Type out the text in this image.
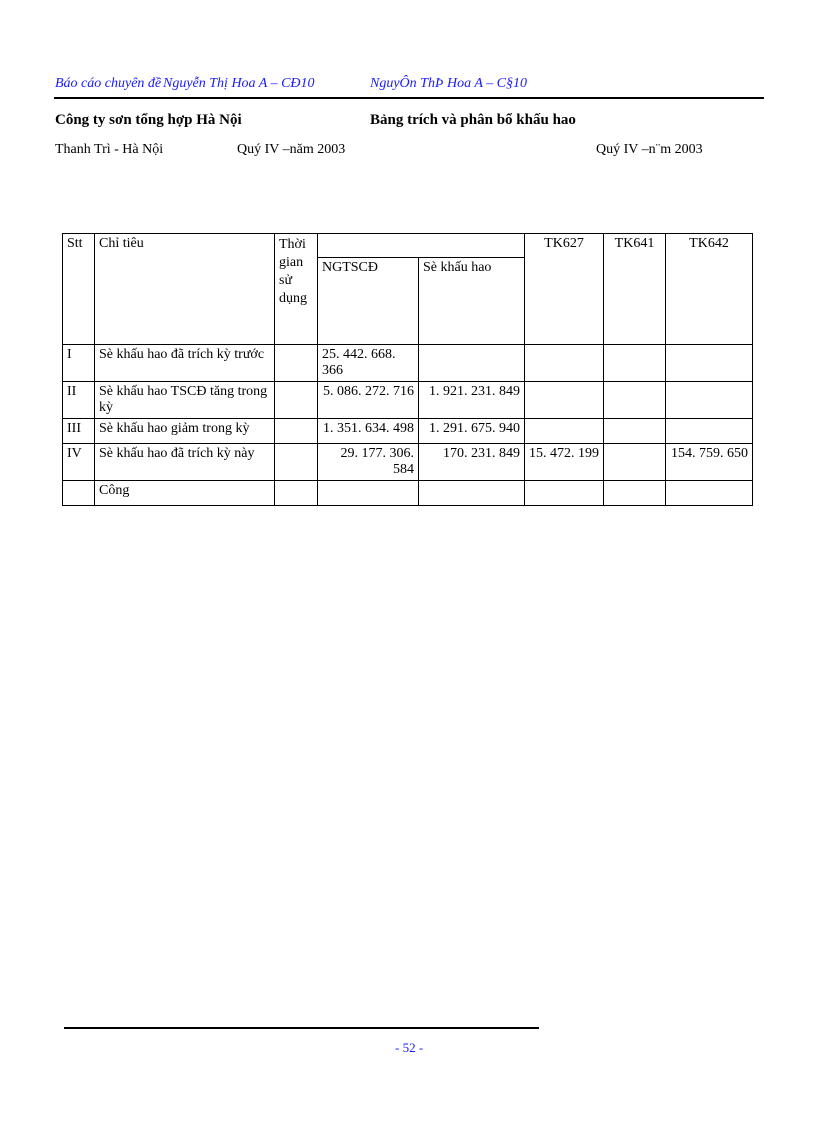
Báo cáo chuyên đề Nguyễn Thị Hoa A – CĐ10	NguyÔn ThÞ Hoa A – C§10
Công ty sơn tổng hợp Hà Nội	Bảng trích và phân bổ khấu hao
Thanh Trì - Hà Nội	Quý IV –năm 2003	Quý IV –n¨m 2003
Stt	Chỉ tiêu	Thời gian sử dụng			TK627	TK641	TK642
			NGTSCĐ	Sè khấu hao			
I	Sè khấu hao đã trích kỳ trước		25. 442. 668. 366				
II	Sè khấu hao TSCĐ tăng trong kỳ		5. 086. 272. 716	1. 921. 231. 849			
III	Sè khấu hao giảm trong kỳ		1. 351. 634. 498	1. 291. 675. 940			
IV	Sè khấu hao đã trích kỳ này		29. 177. 306. 584	170. 231. 849	15. 472. 199		154. 759. 650
	Công						
- 52 -
